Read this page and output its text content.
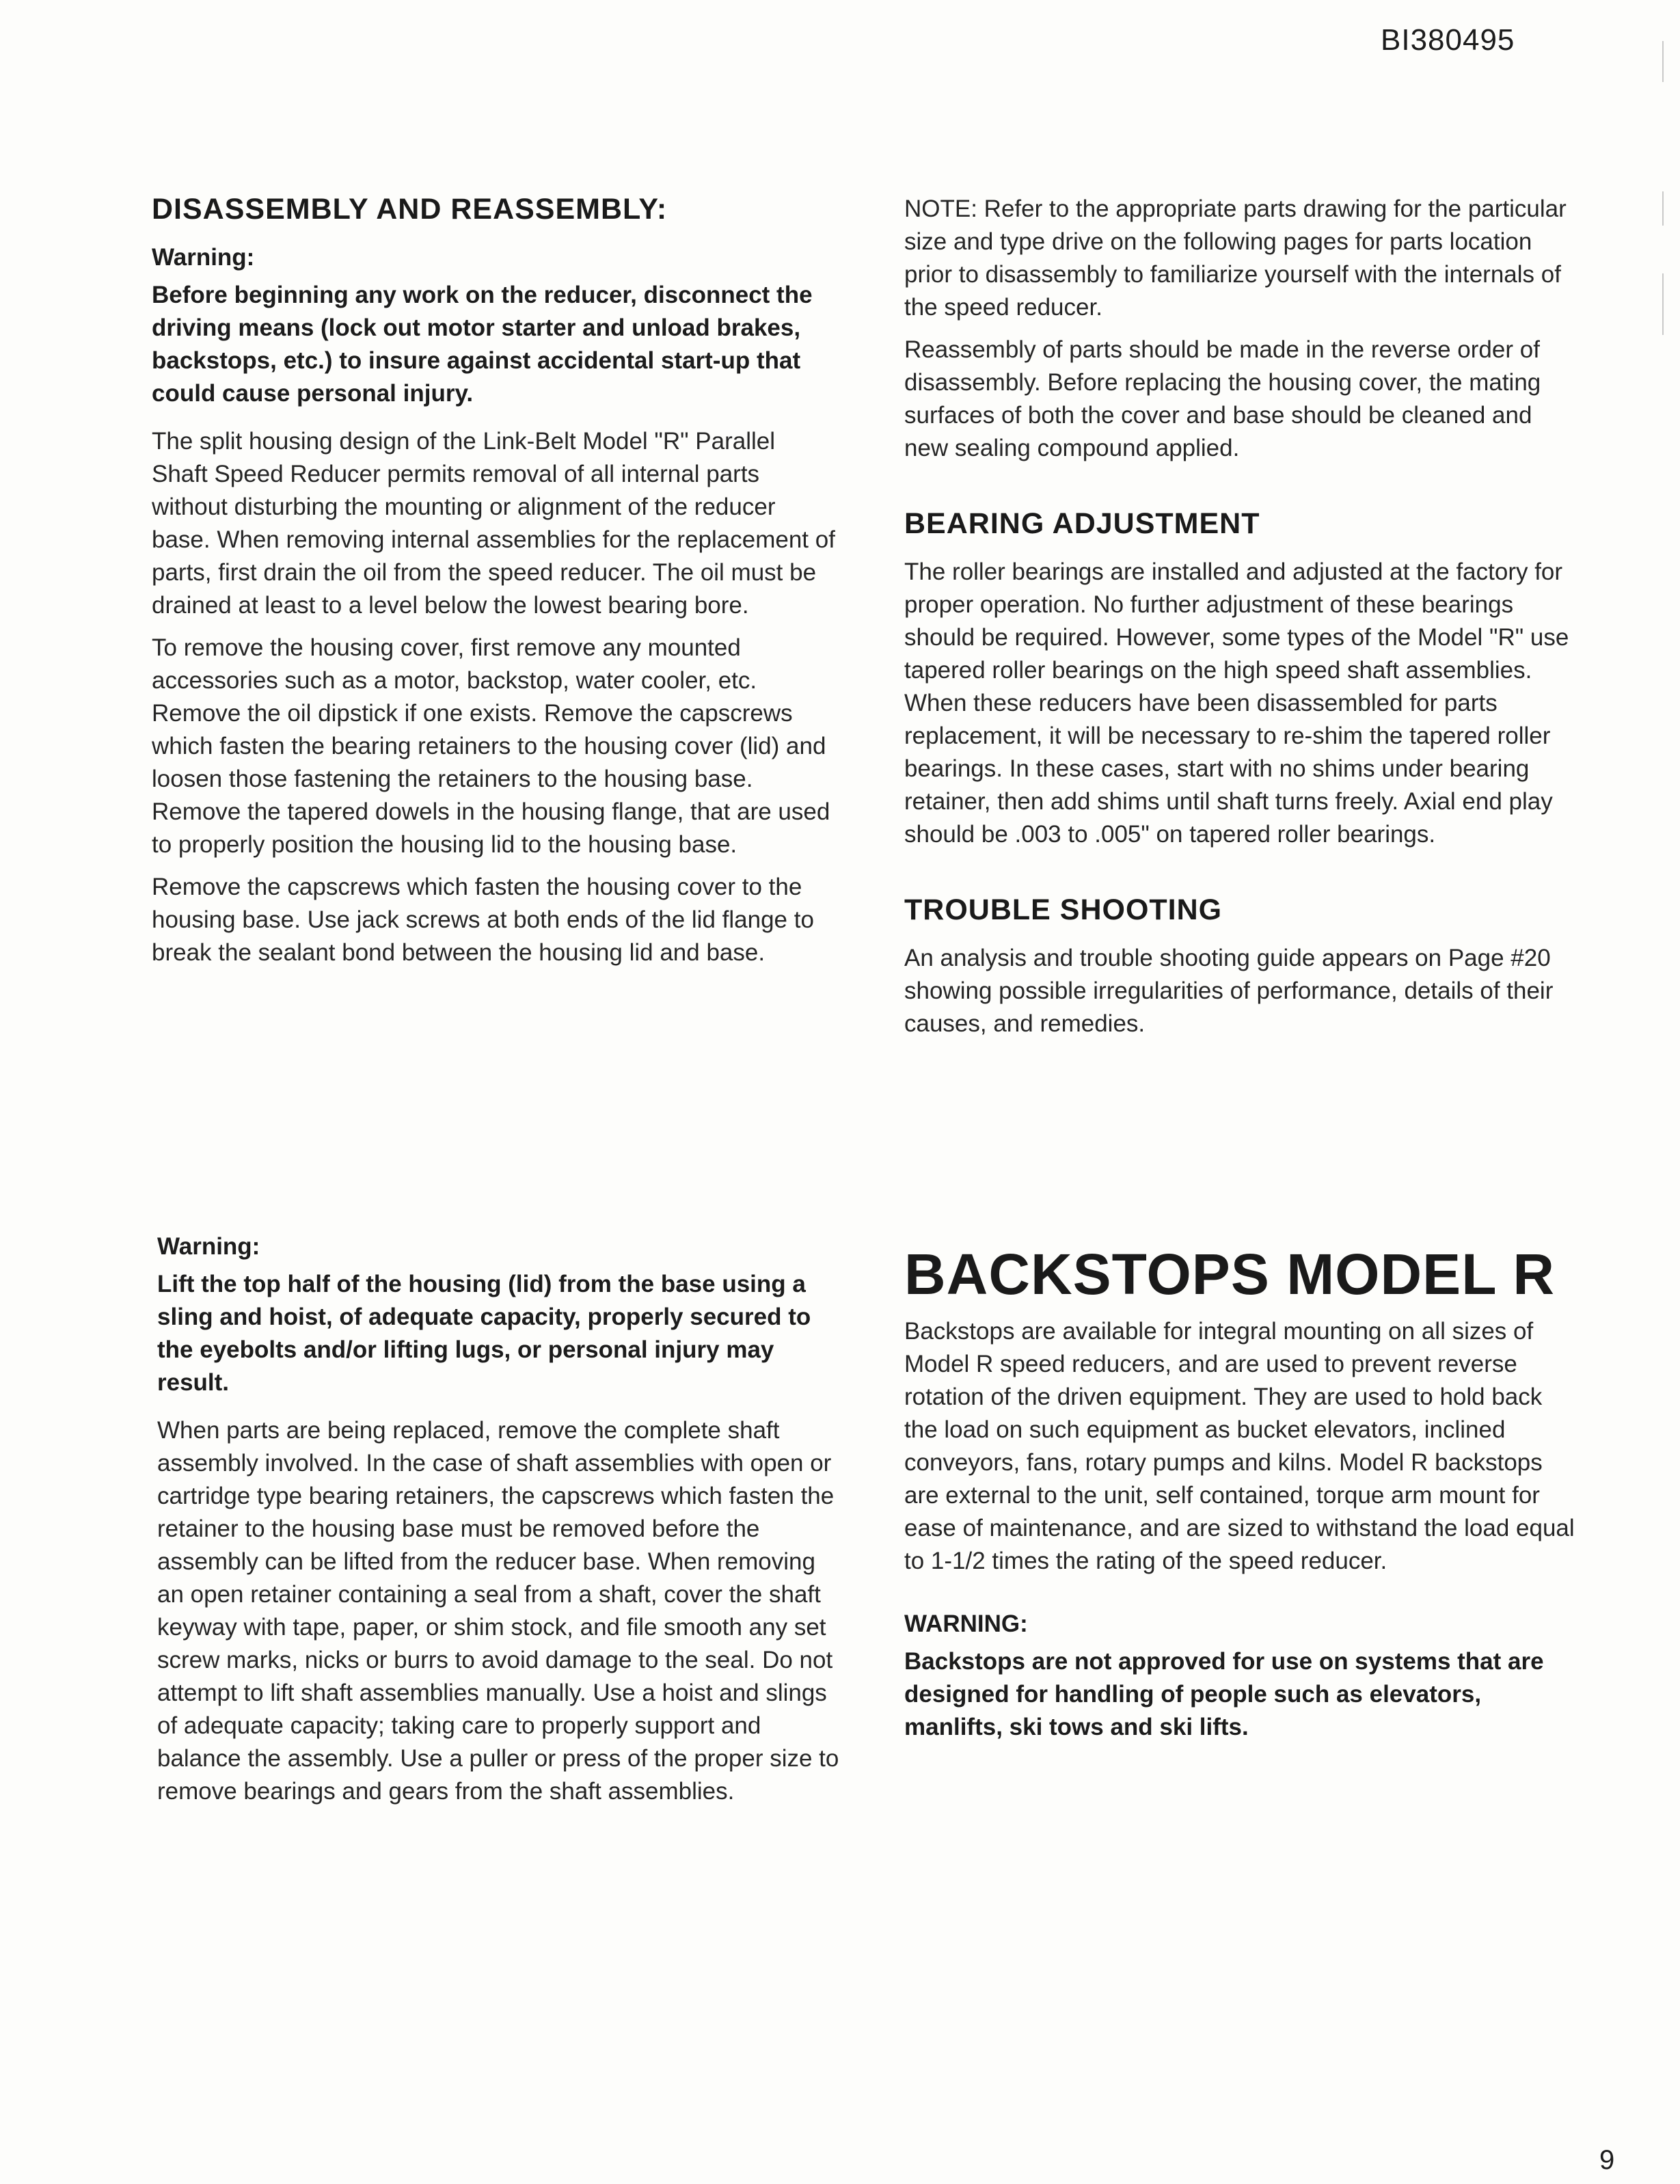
BI380495
DISASSEMBLY AND REASSEMBLY:
Warning:
Before beginning any work on the reducer, disconnect the driving means (lock out motor starter and unload brakes, backstops, etc.) to insure against accidental start-up that could cause personal injury.

The split housing design of the Link-Belt Model "R" Parallel Shaft Speed Reducer permits removal of all internal parts without disturbing the mounting or alignment of the reducer base. When removing internal assemblies for the replacement of parts, first drain the oil from the speed reducer. The oil must be drained at least to a level below the lowest bearing bore.

To remove the housing cover, first remove any mounted accessories such as a motor, backstop, water cooler, etc. Remove the oil dipstick if one exists. Remove the capscrews which fasten the bearing retainers to the housing cover (lid) and loosen those fastening the retainers to the housing base. Remove the tapered dowels in the housing flange, that are used to properly position the housing lid to the housing base.

Remove the capscrews which fasten the housing cover to the housing base. Use jack screws at both ends of the lid flange to break the sealant bond between the housing lid and base.

Warning:
Lift the top half of the housing (lid) from the base using a sling and hoist, of adequate capacity, properly secured to the eyebolts and/or lifting lugs, or personal injury may result.

When parts are being replaced, remove the complete shaft assembly involved. In the case of shaft assemblies with open or cartridge type bearing retainers, the capscrews which fasten the retainer to the housing base must be removed before the assembly can be lifted from the reducer base. When removing an open retainer containing a seal from a shaft, cover the shaft keyway with tape, paper, or shim stock, and file smooth any set screw marks, nicks or burrs to avoid damage to the seal. Do not attempt to lift shaft assemblies manually. Use a hoist and slings of adequate capacity; taking care to properly support and balance the assembly. Use a puller or press of the proper size to remove bearings and gears from the shaft assemblies.

NOTE: Refer to the appropriate parts drawing for the particular size and type drive on the following pages for parts location prior to disassembly to familiarize yourself with the internals of the speed reducer.

Reassembly of parts should be made in the reverse order of disassembly. Before replacing the housing cover, the mating surfaces of both the cover and base should be cleaned and new sealing compound applied.

BEARING ADJUSTMENT

The roller bearings are installed and adjusted at the factory for proper operation. No further adjustment of these bearings should be required. However, some types of the Model "R" use tapered roller bearings on the high speed shaft assemblies. When these reducers have been disassembled for parts replacement, it will be necessary to re-shim the tapered roller bearings. In these cases, start with no shims under bearing retainer, then add shims until shaft turns freely. Axial end play should be .003 to .005" on tapered roller bearings.

TROUBLE SHOOTING

An analysis and trouble shooting guide appears on Page #20 showing possible irregularities of performance, details of their causes, and remedies.

BACKSTOPS MODEL R

Backstops are available for integral mounting on all sizes of Model R speed reducers, and are used to prevent reverse rotation of the driven equipment. They are used to hold back the load on such equipment as bucket elevators, inclined conveyors, fans, rotary pumps and kilns. Model R backstops are external to the unit, self contained, torque arm mount for ease of maintenance, and are sized to withstand the load equal to 1-1/2 times the rating of the speed reducer.

WARNING:
Backstops are not approved for use on systems that are designed for handling of people such as elevators, manlifts, ski tows and ski lifts.
9
